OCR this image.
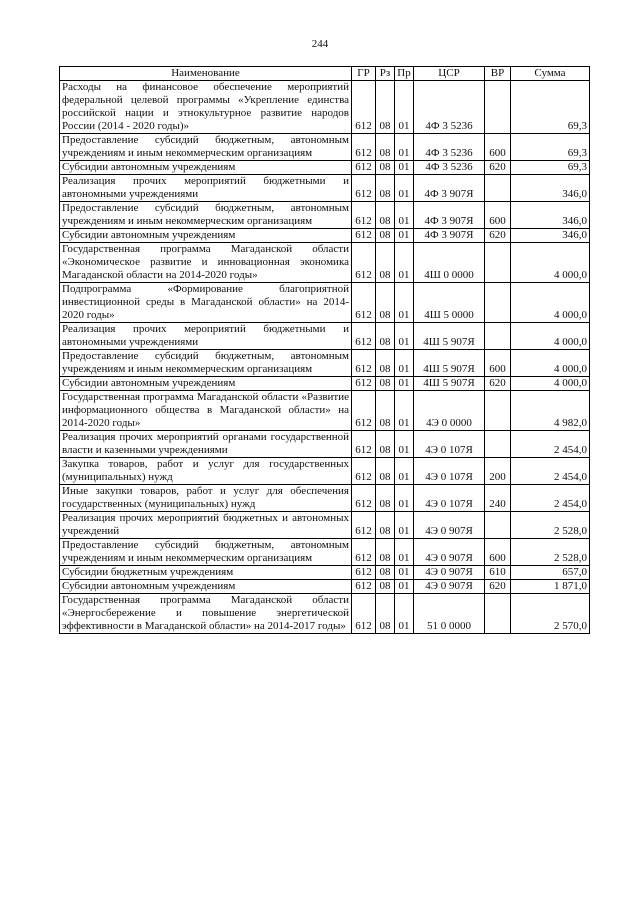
244
Наименование	ГР	Рз	Пр	ЦСР	ВР	Сумма
Расходы на финансовое обеспечение мероприятий федеральной целевой программы «Укрепление единства российской нации и этнокультурное развитие народов России (2014 - 2020 годы)»	612	08	01	4Ф 3 5236		69,3
Предоставление субсидий бюджетным, автономным учреждениям и иным некоммерческим организациям	612	08	01	4Ф 3 5236	600	69,3
Субсидии автономным учреждениям	612	08	01	4Ф 3 5236	620	69,3
Реализация прочих мероприятий бюджетными и автономными учреждениями	612	08	01	4Ф 3 907Я		346,0
Предоставление субсидий бюджетным, автономным учреждениям и иным некоммерческим организациям	612	08	01	4Ф 3 907Я	600	346,0
Субсидии автономным учреждениям	612	08	01	4Ф 3 907Я	620	346,0
Государственная программа Магаданской области «Экономическое развитие и инновационная экономика Магаданской области на 2014-2020 годы»	612	08	01	4Ш 0 0000		4 000,0
Подпрограмма «Формирование благоприятной инвестиционной среды в Магаданской области» на 2014-2020 годы»	612	08	01	4Ш 5 0000		4 000,0
Реализация прочих мероприятий бюджетными и автономными учреждениями	612	08	01	4Ш 5 907Я		4 000,0
Предоставление субсидий бюджетным, автономным учреждениям и иным некоммерческим организациям	612	08	01	4Ш 5 907Я	600	4 000,0
Субсидии автономным учреждениям	612	08	01	4Ш 5 907Я	620	4 000,0
Государственная программа Магаданской области «Развитие информационного общества в Магаданской области» на 2014-2020 годы»	612	08	01	4Э 0 0000		4 982,0
Реализация прочих мероприятий органами государственной власти и казенными учреждениями	612	08	01	4Э 0 107Я		2 454,0
Закупка товаров, работ и услуг для государственных (муниципальных) нужд	612	08	01	4Э 0 107Я	200	2 454,0
Иные закупки товаров, работ и услуг для обеспечения государственных (муниципальных) нужд	612	08	01	4Э 0 107Я	240	2 454,0
Реализация прочих мероприятий бюджетных и автономных учреждений	612	08	01	4Э 0 907Я		2 528,0
Предоставление субсидий бюджетным, автономным учреждениям и иным некоммерческим организациям	612	08	01	4Э 0 907Я	600	2 528,0
Субсидии бюджетным учреждениям	612	08	01	4Э 0 907Я	610	657,0
Субсидии автономным учреждениям	612	08	01	4Э 0 907Я	620	1 871,0
Государственная программа Магаданской области «Энергосбережение и повышение энергетической эффективности в Магаданской области» на 2014-2017 годы»	612	08	01	51 0 0000		2 570,0
